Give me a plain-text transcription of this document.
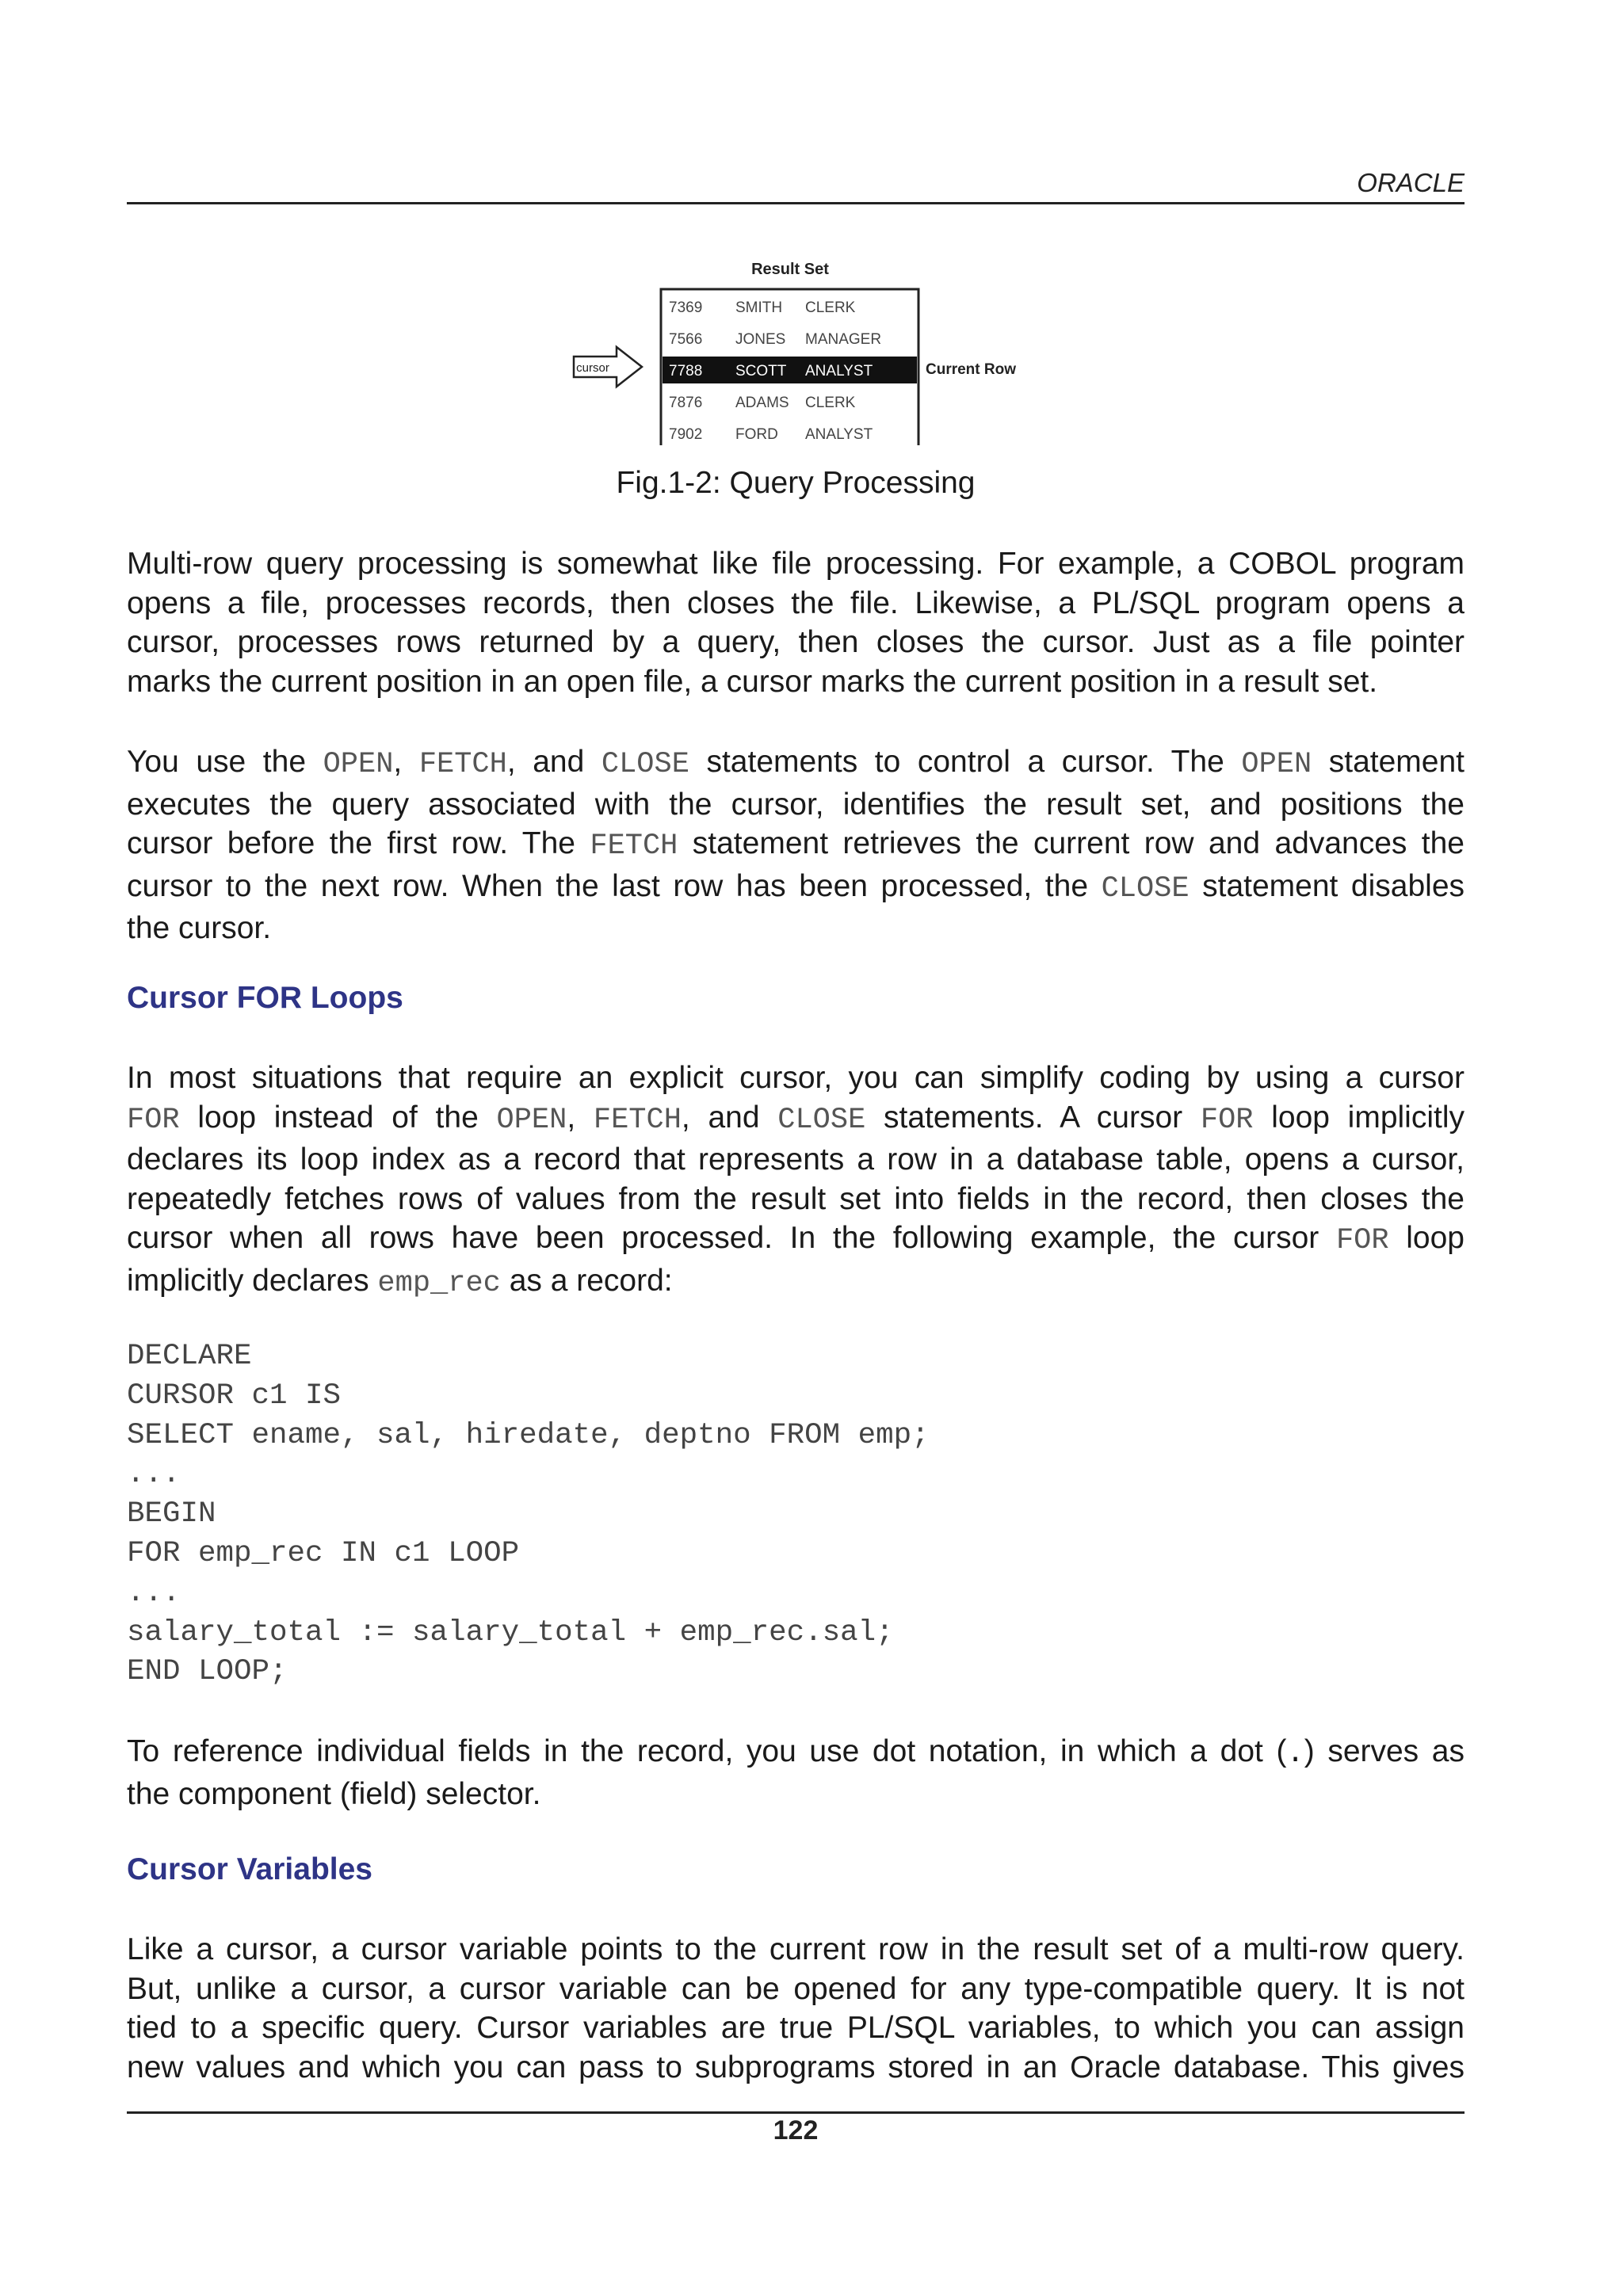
ORACLE
Result Set
7369 SMITH CLERK
7566 JONES MANAGER
7788 SCOTT ANALYST
7876 ADAMS CLERK
7902 FORD ANALYST
cursor	Current Row
Fig.1-2: Query Processing

Multi-row query processing is somewhat like file processing. For example, a COBOL program
opens a file, processes records, then closes the file. Likewise, a PL/SQL program opens a
cursor, processes rows returned by a query, then closes the cursor. Just as a file pointer
marks the current position in an open file, a cursor marks the current position in a result set.

You use the OPEN, FETCH, and CLOSE statements to control a cursor. The OPEN statement
executes the query associated with the cursor, identifies the result set, and positions the
cursor before the first row. The FETCH statement retrieves the current row and advances the
cursor to the next row. When the last row has been processed, the CLOSE statement disables
the cursor.

Cursor FOR Loops

In most situations that require an explicit cursor, you can simplify coding by using a cursor
FOR loop instead of the OPEN, FETCH, and CLOSE statements. A cursor FOR loop implicitly
declares its loop index as a record that represents a row in a database table, opens a cursor,
repeatedly fetches rows of values from the result set into fields in the record, then closes the
cursor when all rows have been processed. In the following example, the cursor FOR loop
implicitly declares emp_rec as a record:

DECLARE
CURSOR c1 IS
SELECT ename, sal, hiredate, deptno FROM emp;
...
BEGIN
FOR emp_rec IN c1 LOOP
...
salary_total := salary_total + emp_rec.sal;
END LOOP;

To reference individual fields in the record, you use dot notation, in which a dot (.) serves as
the component (field) selector.

Cursor Variables

Like a cursor, a cursor variable points to the current row in the result set of a multi-row query.
But, unlike a cursor, a cursor variable can be opened for any type-compatible query. It is not
tied to a specific query. Cursor variables are true PL/SQL variables, to which you can assign
new values and which you can pass to subprograms stored in an Oracle database. This gives

122
